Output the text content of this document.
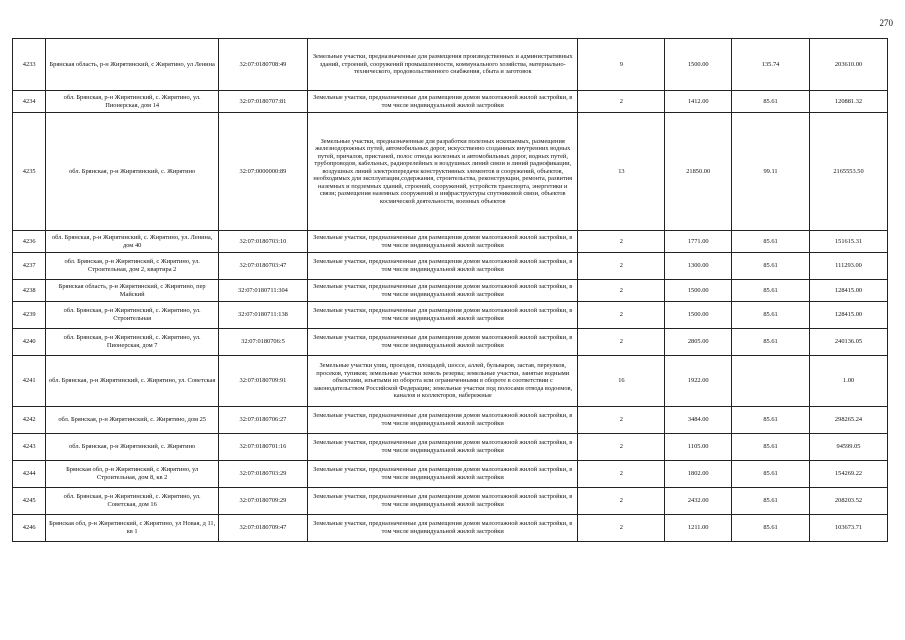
270
4233	Брянская область, р-н Жирятинский, с Жирятино, ул Ленина	32:07:0180708:49	Земельные участки, предназначенные для размещения производственных и административных зданий, строений, сооружений промышленности, коммунального хозяйства, материально-технического, продовольственного снабжения, сбыта и заготовок	9	1500.00	135.74	203610.00
4234	обл. Брянская, р-н Жирятинский, с. Жирятино, ул. Пионерская, дом 14	32:07:0180707:81	Земельные участки, предназначенные для размещения домов малоэтажной жилой застройки, в том числе индивидуальной жилой застройки	2	1412.00	85.61	120881.32
4235	обл. Брянская, р-н Жирятинский, с. Жирятино	32:07:0000000:89	Земельные участки, предназначенные для разработки полезных ископаемых, размещения железнодорожных путей, автомобильных дорог, искусственно созданных внутренних водных путей, причалов, пристаней, полос отвода железных и автомобильных дорог, водных путей, трубопроводов, кабельных, радиорелейных и воздушных линий связи и линий радиофикации, воздушных линий электропередачи конструктивных элементов и сооружений, объектов, необходимых для эксплуатации,содержания, строительства, реконструкции, ремонта, развития наземных и подземных зданий, строений, сооружений, устройств транспорта, энергетики и связи; размещения наземных сооружений и инфраструктуры спутниковой связи, объектов космической деятельности, военных объектов	13	21850.00	99.11	2165553.50
4236	обл. Брянская, р-н Жирятинский, с. Жирятино, ул. Ленина, дом 40	32:07:0180703:10	Земельные участки, предназначенные для размещения домов малоэтажной жилой застройки, в том числе индивидуальной жилой застройки	2	1771.00	85.61	151615.31
4237	обл. Брянская, р-н Жирятинский, с Жирятино, ул. Строительная, дом 2, квартира 2	32:07:0180703:47	Земельные участки, предназначенные для размещения домов малоэтажной жилой застройки, в том числе индивидуальной жилой застройки	2	1300.00	85.61	111293.00
4238	Брянская область, р-н Жирятинский, с Жирятино, пер Майский	32:07:0180711:304	Земельные участки, предназначенные для размещения домов малоэтажной жилой застройки, в том числе индивидуальной жилой застройки	2	1500.00	85.61	128415.00
4239	обл. Брянская, р-н Жирятинский, с. Жирятино, ул. Строительная	32:07:0180711:138	Земельные участки, предназначенные для размещения домов малоэтажной жилой застройки, в том числе индивидуальной жилой застройки	2	1500.00	85.61	128415.00
4240	обл. Брянская, р-н Жирятинский, с. Жирятино, ул. Пионерская, дом 7	32:07:0180706:5	Земельные участки, предназначенные для размещения домов малоэтажной жилой застройки, в том числе индивидуальной жилой застройки	2	2805.00	85.61	240136.05
4241	обл. Брянская, р-н Жирятинский, с. Жирятино, ул. Советская	32:07:0180709:91	Земельные участки улиц, проездов, площадей, шоссе, аллей, бульваров, застав, переулков, просеков, тупиков; земельные участки земель резерва; земельные участки, занятые водными объектами, изъятыми из оборота или ограниченными в обороте в соответствии с законодательством Российской Федерации; земельные участки под полосами отвода водоемов, каналов и коллекторов, набережные	16	1922.00		1.00
4242	обл. Брянская, р-н Жирятинский, с. Жирятино, дом 25	32:07:0180706:27	Земельные участки, предназначенные для размещения домов малоэтажной жилой застройки, в том числе индивидуальной жилой застройки	2	3484.00	85.61	298265.24
4243	обл. Брянская, р-н Жирятинский, с. Жирятино	32:07:0180701:16	Земельные участки, предназначенные для размещения домов малоэтажной жилой застройки, в том числе индивидуальной жилой застройки	2	1105.00	85.61	94599.05
4244	Брянская обл, р-н Жирятинский, с Жирятино, ул Строительная, дом 8, кв 2	32:07:0180703:29	Земельные участки, предназначенные для размещения домов малоэтажной жилой застройки, в том числе индивидуальной жилой застройки	2	1802.00	85.61	154269.22
4245	обл. Брянская, р-н Жирятинский, с. Жирятино, ул. Советская, дом 16	32:07:0180709:29	Земельные участки, предназначенные для размещения домов малоэтажной жилой застройки, в том числе индивидуальной жилой застройки	2	2432.00	85.61	208203.52
4246	Брянская обл, р-н Жирятинский, с Жирятино, ул Новая, д 11, кв 1	32:07:0180709:47	Земельные участки, предназначенные для размещения домов малоэтажной жилой застройки, в том числе индивидуальной жилой застройки	2	1211.00	85.61	103673.71
